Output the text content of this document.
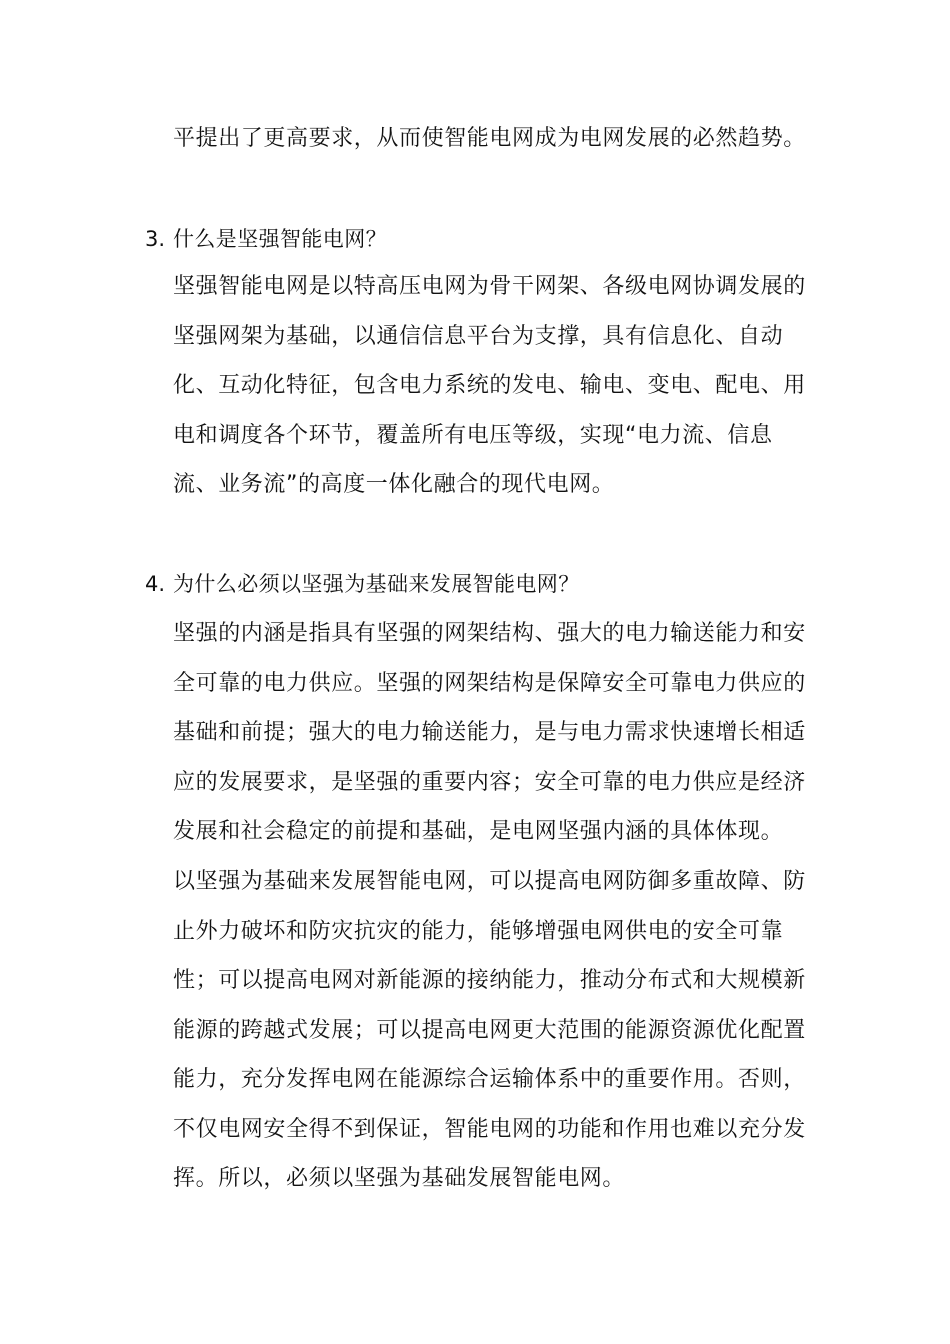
平提出了更高要求，从而使智能电网成为电网发展的必然趋势。

3. 什么是坚强智能电网？

坚强智能电网是以特高压电网为骨干网架、各级电网协调发展的坚强网架为基础，以通信信息平台为支撑，具有信息化、自动化、互动化特征，包含电力系统的发电、输电、变电、配电、用电和调度各个环节，覆盖所有电压等级，实现“电力流、信息流、业务流”的高度一体化融合的现代电网。

4. 为什么必须以坚强为基础来发展智能电网？

坚强的内涵是指具有坚强的网架结构、强大的电力输送能力和安全可靠的电力供应。坚强的网架结构是保障安全可靠电力供应的基础和前提；强大的电力输送能力，是与电力需求快速增长相适应的发展要求，是坚强的重要内容；安全可靠的电力供应是经济发展和社会稳定的前提和基础，是电网坚强内涵的具体体现。

以坚强为基础来发展智能电网，可以提高电网防御多重故障、防止外力破坏和防灾抗灾的能力，能够增强电网供电的安全可靠性；可以提高电网对新能源的接纳能力，推动分布式和大规模新能源的跨越式发展；可以提高电网更大范围的能源资源优化配置能力，充分发挥电网在能源综合运输体系中的重要作用。否则，不仅电网安全得不到保证，智能电网的功能和作用也难以充分发挥。所以，必须以坚强为基础发展智能电网。
